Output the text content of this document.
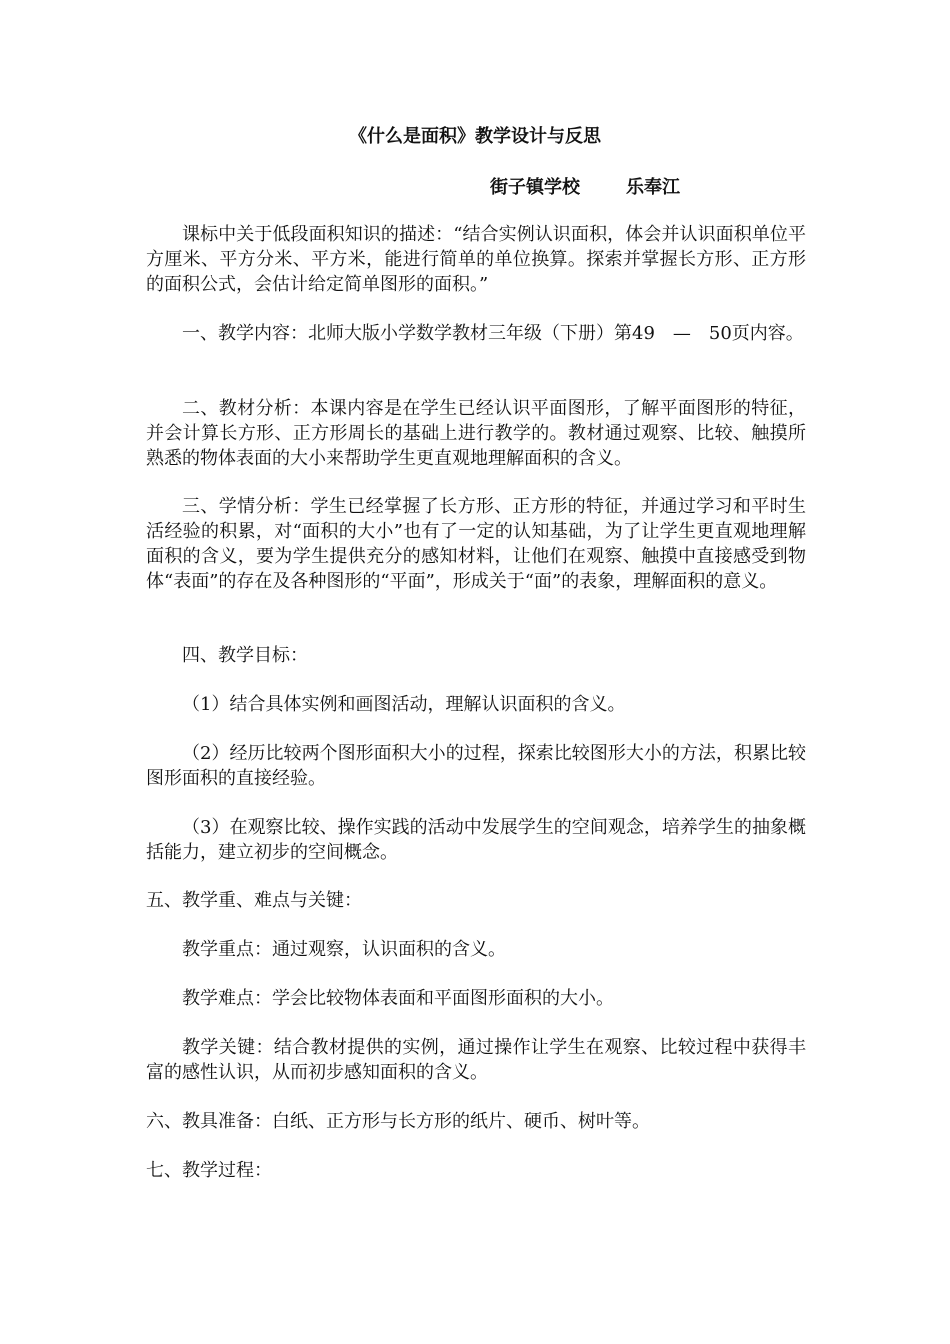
《什么是面积》教学设计与反思
街子镇学校	乐奉江

课标中关于低段面积知识的描述：“结合实例认识面积，体会并认识面积单位平方厘米、平方分米、平方米，能进行简单的单位换算。探索并掌握长方形、正方形的面积公式，会估计给定简单图形的面积。”

一、教学内容：北师大版小学数学教材三年级（下册）第49　—　50页内容。

二、教材分析：本课内容是在学生已经认识平面图形，了解平面图形的特征，并会计算长方形、正方形周长的基础上进行教学的。教材通过观察、比较、触摸所熟悉的物体表面的大小来帮助学生更直观地理解面积的含义。

三、学情分析：学生已经掌握了长方形、正方形的特征，并通过学习和平时生活经验的积累，对“面积的大小”也有了一定的认知基础，为了让学生更直观地理解面积的含义，要为学生提供充分的感知材料，让他们在观察、触摸中直接感受到物体“表面”的存在及各种图形的“平面”，形成关于“面”的表象，理解面积的意义。

四、教学目标：

（1）结合具体实例和画图活动，理解认识面积的含义。

（2）经历比较两个图形面积大小的过程，探索比较图形大小的方法，积累比较图形面积的直接经验。

（3）在观察比较、操作实践的活动中发展学生的空间观念，培养学生的抽象概括能力，建立初步的空间概念。

五、教学重、难点与关键：

教学重点：通过观察，认识面积的含义。

教学难点：学会比较物体表面和平面图形面积的大小。

教学关键：结合教材提供的实例，通过操作让学生在观察、比较过程中获得丰富的感性认识，从而初步感知面积的含义。

六、教具准备：白纸、正方形与长方形的纸片、硬币、树叶等。

七、教学过程：
